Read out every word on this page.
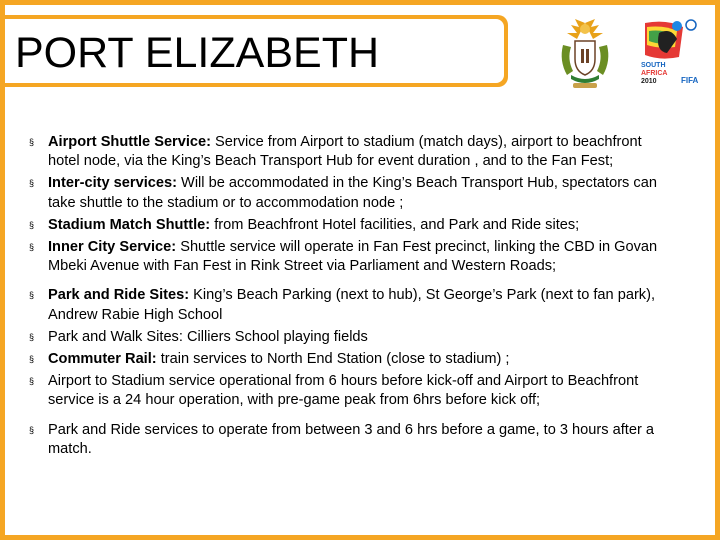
PORT ELIZABETH	SOUTH
AFRICA
2010	FIFA
§ Airport Shuttle Service: Service from Airport to stadium (match days), airport to beachfront hotel node, via the King’s Beach Transport Hub for event duration , and to the Fan Fest;
§ Inter-city services: Will be accommodated in the King’s Beach Transport Hub, spectators can take shuttle to the stadium or to accommodation node ;
§ Stadium Match Shuttle: from Beachfront Hotel facilities, and Park and Ride sites;
§ Inner City Service: Shuttle service will operate in Fan Fest precinct, linking the CBD in Govan Mbeki Avenue with Fan Fest in Rink Street via Parliament and Western Roads;
§ Park and Ride Sites: King’s Beach Parking (next to hub), St George’s Park (next to fan park), Andrew Rabie High School
§ Park and Walk Sites: Cilliers School playing fields
§ Commuter Rail: train services to North End Station (close to stadium) ;
§ Airport to Stadium service operational from 6 hours before kick-off and Airport to Beachfront service is a 24 hour operation, with pre-game peak from 6hrs before kick off;
§ Park and Ride services to operate from between 3 and 6 hrs before a game, to 3 hours after a match.
